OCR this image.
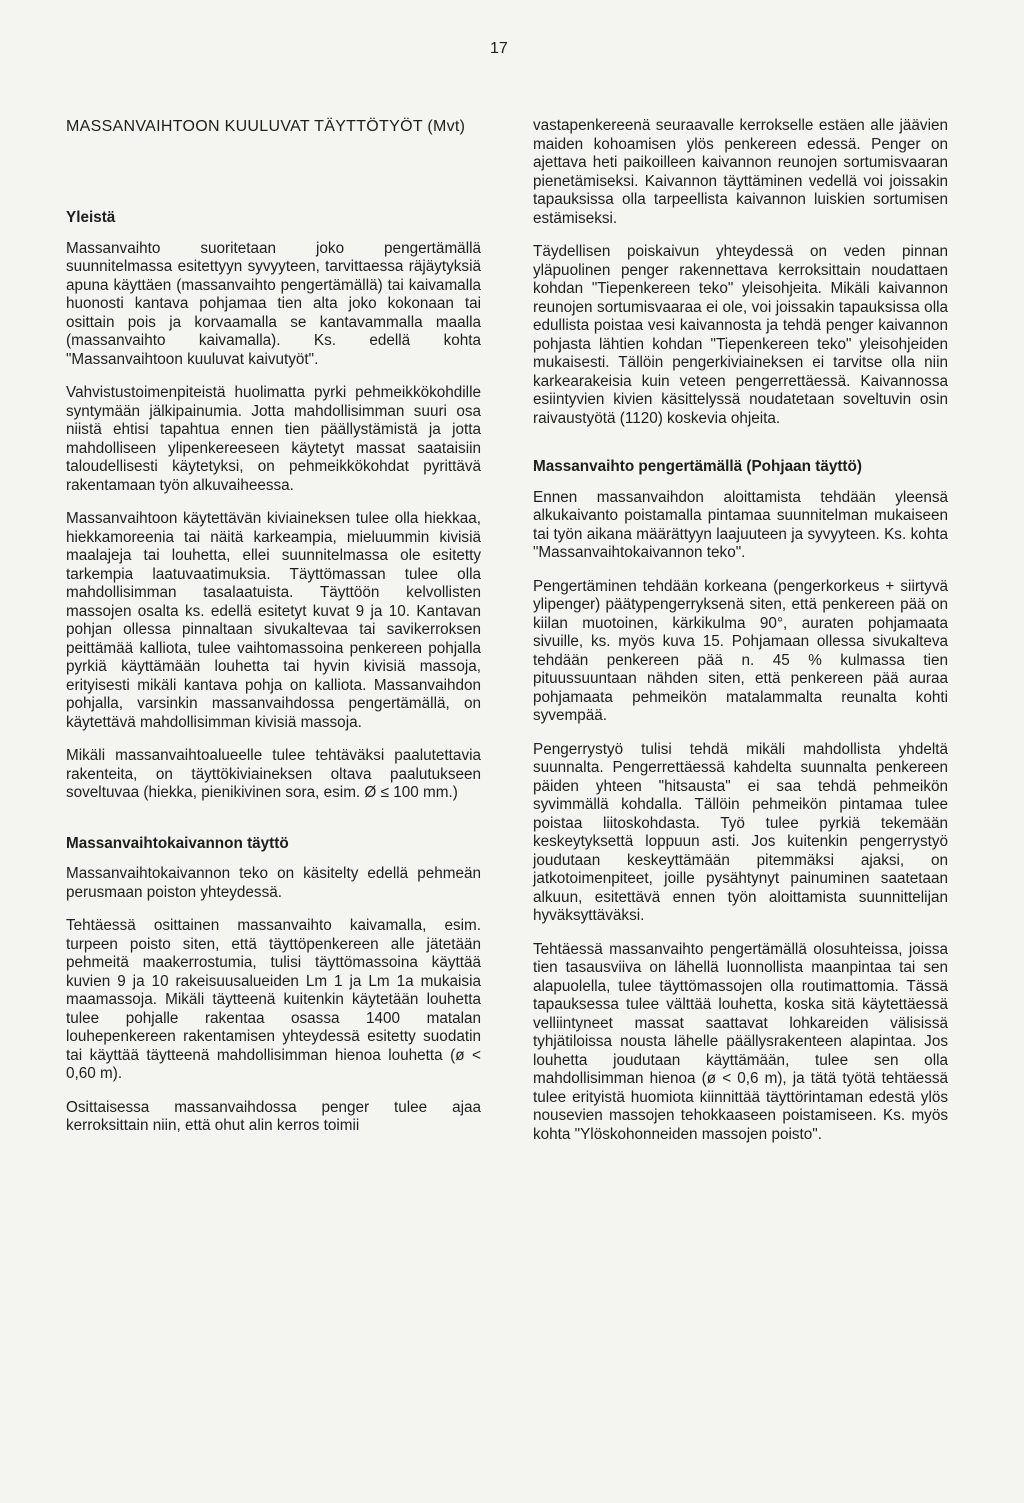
17

MASSANVAIHTOON KUULUVAT TÄYTTÖTYÖT (Mvt)
Yleistä

Massanvaihto suoritetaan joko pengertämällä suunnitelmassa esitettyyn syvyyteen, tarvittaessa räjäytyksiä apuna käyttäen (massanvaihto pengertämällä) tai kaivamalla huonosti kantava pohjamaa tien alta joko kokonaan tai osittain pois ja korvaamalla se kantavammalla maalla (massanvaihto kaivamalla). Ks. edellä kohta "Massanvaihtoon kuuluvat kaivutyöt".

Vahvistustoimenpiteistä huolimatta pyrki pehmeikkökohdille syntymään jälkipainumia. Jotta mahdollisimman suuri osa niistä ehtisi tapahtua ennen tien päällystämistä ja jotta mahdolliseen ylipenkereeseen käytetyt massat saataisiin taloudellisesti käytetyksi, on pehmeikkökohdat pyrittävä rakentamaan työn alkuvaiheessa.

Massanvaihtoon käytettävän kiviaineksen tulee olla hiekkaa, hiekkamoreenia tai näitä karkeampia, mieluummin kivisiä maalajeja tai louhetta, ellei suunnitelmassa ole esitetty tarkempia laatuvaatimuksia. Täyttömassan tulee olla mahdollisimman tasalaatuista. Täyttöön kelvollisten massojen osalta ks. edellä esitetyt kuvat 9 ja 10. Kantavan pohjan ollessa pinnaltaan sivukaltevaa tai savikerroksen peittämää kalliota, tulee vaihtomassoina penkereen pohjalla pyrkiä käyttämään louhetta tai hyvin kivisiä massoja, erityisesti mikäli kantava pohja on kalliota. Massanvaihdon pohjalla, varsinkin massanvaihdossa pengertämällä, on käytettävä mahdollisimman kivisiä massoja.

Mikäli massanvaihtoalueelle tulee tehtäväksi paalutettavia rakenteita, on täyttökiviaineksen oltava paalutukseen soveltuvaa (hiekka, pienikivinen sora, esim. Ø ≤ 100 mm.)

Massanvaihtokaivannon täyttö

Massanvaihtokaivannon teko on käsitelty edellä pehmeän perusmaan poiston yhteydessä.

Tehtäessä osittainen massanvaihto kaivamalla, esim. turpeen poisto siten, että täyttöpenkereen alle jätetään pehmeitä maakerrostumia, tulisi täyttömassoina käyttää kuvien 9 ja 10 rakeisuusalueiden Lm 1 ja Lm 1a mukaisia maamassoja. Mikäli täytteenä kuitenkin käytetään louhetta tulee pohjalle rakentaa osassa 1400 matalan louhepenkereen rakentamisen yhteydessä esitetty suodatin tai käyttää täytteenä mahdollisimman hienoa louhetta (ø < 0,60 m).

Osittaisessa massanvaihdossa penger tulee ajaa kerroksittain niin, että ohut alin kerros toimii

vastapenkereenä seuraavalle kerrokselle estäen alle jäävien maiden kohoamisen ylös penkereen edessä. Penger on ajettava heti paikoilleen kaivannon reunojen sortumisvaaran pienetämiseksi. Kaivannon täyttäminen vedellä voi joissakin tapauksissa olla tarpeellista kaivannon luiskien sortumisen estämiseksi.

Täydellisen poiskaivun yhteydessä on veden pinnan yläpuolinen penger rakennettava kerroksittain noudattaen kohdan "Tiepenkereen teko" yleisohjeita. Mikäli kaivannon reunojen sortumisvaaraa ei ole, voi joissakin tapauksissa olla edullista poistaa vesi kaivannosta ja tehdä penger kaivannon pohjasta lähtien kohdan "Tiepenkereen teko" yleisohjeiden mukaisesti. Tällöin pengerkiviaineksen ei tarvitse olla niin karkearakeisia kuin veteen pengerrettäessä. Kaivannossa esiintyvien kivien käsittelyssä noudatetaan soveltuvin osin raivaustyötä (1120) koskevia ohjeita.

Massanvaihto pengertämällä (Pohjaan täyttö)

Ennen massanvaihdon aloittamista tehdään yleensä alkukaivanto poistamalla pintamaa suunnitelman mukaiseen tai työn aikana määrättyyn laajuuteen ja syvyyteen. Ks. kohta "Massanvaihtokaivannon teko".

Pengertäminen tehdään korkeana (pengerkorkeus + siirtyvä ylipenger) päätypengerryksenä siten, että penkereen pää on kiilan muotoinen, kärkikulma 90°, auraten pohjamaata sivuille, ks. myös kuva 15. Pohjamaan ollessa sivukalteva tehdään penkereen pää n. 45 % kulmassa tien pituussuuntaan nähden siten, että penkereen pää auraa pohjamaata pehmeikön matalammalta reunalta kohti syvempää.

Pengerrystyö tulisi tehdä mikäli mahdollista yhdeltä suunnalta. Pengerrettäessä kahdelta suunnalta penkereen päiden yhteen "hitsausta" ei saa tehdä pehmeikön syvimmällä kohdalla. Tällöin pehmeikön pintamaa tulee poistaa liitoskohdasta. Työ tulee pyrkiä tekemään keskeytyksettä loppuun asti. Jos kuitenkin pengerrystyö joudutaan keskeyttämään pitemmäksi ajaksi, on jatkotoimenpiteet, joille pysähtynyt painuminen saatetaan alkuun, esitettävä ennen työn aloittamista suunnittelijan hyväksyttäväksi.

Tehtäessä massanvaihto pengertämällä olosuhteissa, joissa tien tasausviiva on lähellä luonnollista maanpintaa tai sen alapuolella, tulee täyttömassojen olla routimattomia. Tässä tapauksessa tulee välttää louhetta, koska sitä käytettäessä velliintyneet massat saattavat lohkareiden välisissä tyhjätiloissa nousta lähelle päällysrakenteen alapintaa. Jos louhetta joudutaan käyttämään, tulee sen olla mahdollisimman hienoa (ø < 0,6 m), ja tätä työtä tehtäessä tulee erityistä huomiota kiinnittää täyttörintaman edestä ylös nousevien massojen tehokkaaseen poistamiseen. Ks. myös kohta "Ylöskohonneiden massojen poisto".
